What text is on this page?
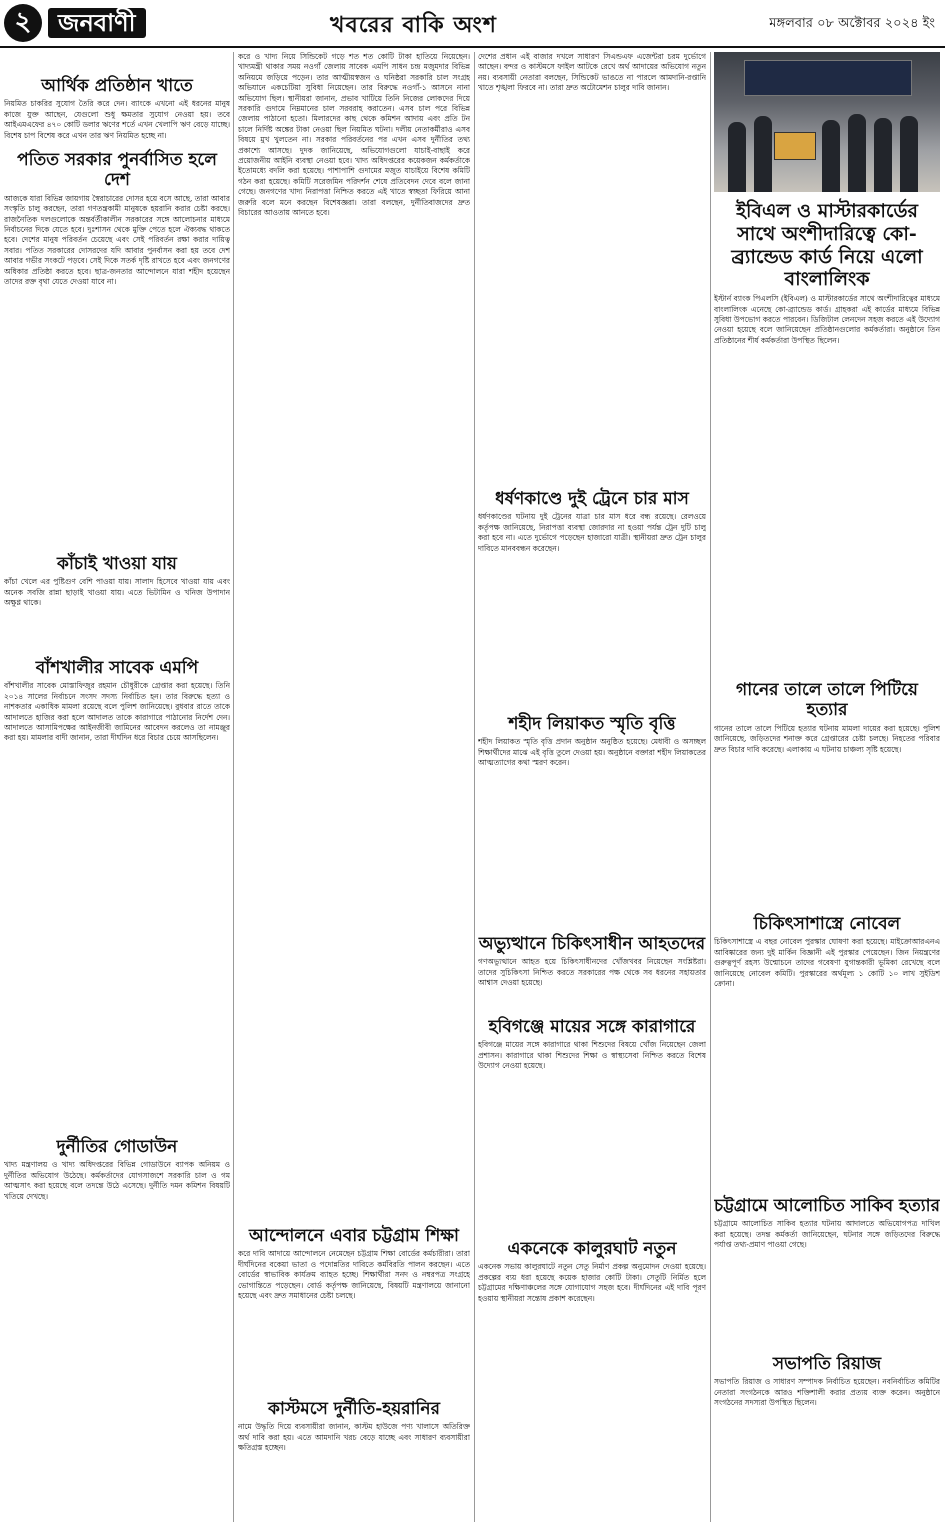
২	জনবাণী	খবরের বাকি অংশ	মঙ্গলবার ০৮ অক্টোবর ২০২৪ ইং
আর্থিক প্রতিষ্ঠান খাতে

নিয়মিত চাকরির সুযোগ তৈরি করে দেন। ব্যাংকে এখনো এই ধরনের মানুষ কাজে যুক্ত আছেন, যেগুলো শুধু ক্ষমতার সুযোগ নেওয়া হয়। তবে আইএমএফের ৪৭০ কোটি ডলার ঋণের শর্তে এখন খেলাপি ঋণ বেড়ে যাচ্ছে। বিশেষ চাপ বিশেষ করে এখন তার ঋণ নিয়মিত হচ্ছে না।

পতিত সরকার পুনর্বাসিত হলে দেশ

আজকে যারা বিভিন্ন জায়গায় স্বৈরাচারের দোসর হয়ে বসে আছে, তারা আবার সংস্কৃতি চালু করছেন, তারা গণতন্ত্রকামী মানুষকে হয়রানি করার চেষ্টা করছে। রাজনৈতিক দলগুলোকে অন্তর্বর্তীকালীন সরকারের সঙ্গে আলোচনার মাধ্যমে নির্বাচনের দিকে যেতে হবে। দুঃশাসন থেকে মুক্তি পেতে হলে ঐক্যবদ্ধ থাকতে হবে। দেশের মানুষ পরিবর্তন চেয়েছে এবং সেই পরিবর্তন রক্ষা করার দায়িত্ব সবার। পতিত সরকারের দোসরদের যদি আবার পুনর্বাসন করা হয় তবে দেশ আবার গভীর সংকটে পড়বে। সেই দিকে সতর্ক দৃষ্টি রাখতে হবে এবং জনগণের অধিকার প্রতিষ্ঠা করতে হবে। ছাত্র-জনতার আন্দোলনে যারা শহীদ হয়েছেন তাদের রক্ত বৃথা যেতে দেওয়া যাবে না।

কাঁচাই খাওয়া যায়

কাঁচা খেলে এর পুষ্টিগুণ বেশি পাওয়া যায়। সালাদ হিসেবে খাওয়া যায় এবং অনেক সবজি রান্না ছাড়াই খাওয়া যায়। এতে ভিটামিন ও খনিজ উপাদান অক্ষুণ্ণ থাকে।

বাঁশখালীর সাবেক এমপি

বাঁশখালীর সাবেক মোস্তাফিজুর রহমান চৌধুরীকে গ্রেপ্তার করা হয়েছে। তিনি ২০১৪ সালের নির্বাচনে সংসদ সদস্য নির্বাচিত হন। তার বিরুদ্ধে হত্যা ও নাশকতার একাধিক মামলা রয়েছে বলে পুলিশ জানিয়েছে। বুধবার রাতে তাকে আদালতে হাজির করা হলে আদালত তাকে কারাগারে পাঠানোর নির্দেশ দেন। আদালতে আসামিপক্ষের আইনজীবী জামিনের আবেদন করলেও তা নামঞ্জুর করা হয়। মামলার বাদী জানান, তারা দীর্ঘদিন ধরে বিচার চেয়ে আসছিলেন।

দুর্নীতির গোডাউন

খাদ্য মন্ত্রণালয় ও খাদ্য অধিদপ্তরের বিভিন্ন গোডাউনে ব্যাপক অনিয়ম ও দুর্নীতির অভিযোগ উঠেছে। কর্মকর্তাদের যোগসাজশে সরকারি চাল ও গম আত্মসাৎ করা হয়েছে বলে তদন্তে উঠে এসেছে। দুর্নীতি দমন কমিশন বিষয়টি খতিয়ে দেখছে।

করে ও খাদ্য নিয়ে সিন্ডিকেট গড়ে শত শত কোটি টাকা হাতিয়ে নিয়েছেন। খাদ্যমন্ত্রী থাকার সময় নওগাঁ জেলায় সাবেক এমপি সাধন চন্দ্র মজুমদার বিভিন্ন অনিয়মে জড়িয়ে পড়েন। তার আত্মীয়স্বজন ও ঘনিষ্ঠরা সরকারি চাল সংগ্রহ অভিযানে একচেটিয়া সুবিধা নিয়েছেন। তার বিরুদ্ধে নওগাঁ-১ আসনে নানা অভিযোগ ছিল। স্থানীয়রা জানান, প্রভাব খাটিয়ে তিনি নিজের লোকদের দিয়ে সরকারি গুদামে নিম্নমানের চাল সরবরাহ করাতেন। এসব চাল পরে বিভিন্ন জেলায় পাঠানো হতো। মিলারদের কাছ থেকে কমিশন আদায় এবং প্রতি টন চালে নির্দিষ্ট অঙ্কের টাকা নেওয়া ছিল নিয়মিত ঘটনা। দলীয় নেতাকর্মীরাও এসব বিষয়ে মুখ খুলতেন না। সরকার পরিবর্তনের পর এখন এসব দুর্নীতির তথ্য প্রকাশ্যে আসছে। দুদক জানিয়েছে, অভিযোগগুলো যাচাই-বাছাই করে প্রয়োজনীয় আইনি ব্যবস্থা নেওয়া হবে। খাদ্য অধিদপ্তরের কয়েকজন কর্মকর্তাকে ইতোমধ্যে বদলি করা হয়েছে। পাশাপাশি গুদামের মজুত যাচাইয়ে বিশেষ কমিটি গঠন করা হয়েছে। কমিটি সরেজমিন পরিদর্শন শেষে প্রতিবেদন দেবে বলে জানা গেছে। জনগণের খাদ্য নিরাপত্তা নিশ্চিত করতে এই খাতে স্বচ্ছতা ফিরিয়ে আনা জরুরি বলে মনে করছেন বিশেষজ্ঞরা। তারা বলছেন, দুর্নীতিবাজদের দ্রুত বিচারের আওতায় আনতে হবে।

আন্দোলনে এবার চট্টগ্রাম শিক্ষা

করে দাবি আদায়ে আন্দোলনে নেমেছেন চট্টগ্রাম শিক্ষা বোর্ডের কর্মচারীরা। তারা দীর্ঘদিনের বকেয়া ভাতা ও পদোন্নতির দাবিতে কর্মবিরতি পালন করছেন। এতে বোর্ডের স্বাভাবিক কার্যক্রম ব্যাহত হচ্ছে। শিক্ষার্থীরা সনদ ও নম্বরপত্র সংগ্রহে ভোগান্তিতে পড়েছেন। বোর্ড কর্তৃপক্ষ জানিয়েছে, বিষয়টি মন্ত্রণালয়ে জানানো হয়েছে এবং দ্রুত সমাধানের চেষ্টা চলছে।

কাস্টমসে দুর্নীতি-হয়রানির

নামে উদ্ধৃতি দিয়ে ব্যবসায়ীরা জানান, কাস্টম হাউজে পণ্য খালাসে অতিরিক্ত অর্থ দাবি করা হয়। এতে আমদানি খরচ বেড়ে যাচ্ছে এবং সাধারণ ব্যবসায়ীরা ক্ষতিগ্রস্ত হচ্ছেন।

দেশের প্রধান এই বাজার দখলে সাধারণ সিএন্ডএফ এজেন্টরা চরম দুর্ভোগে আছেন। বন্দর ও কাস্টমসে ফাইল আটকে রেখে অর্থ আদায়ের অভিযোগ নতুন নয়। ব্যবসায়ী নেতারা বলছেন, সিন্ডিকেট ভাঙতে না পারলে আমদানি-রপ্তানি খাতে শৃঙ্খলা ফিরবে না। তারা দ্রুত অটোমেশন চালুর দাবি জানান।

ধর্ষণকাণ্ডে দুই ট্রেনে চার মাস

ধর্ষণকাণ্ডের ঘটনায় দুই ট্রেনের যাত্রা চার মাস ধরে বন্ধ রয়েছে। রেলওয়ে কর্তৃপক্ষ জানিয়েছে, নিরাপত্তা ব্যবস্থা জোরদার না হওয়া পর্যন্ত ট্রেন দুটি চালু করা হবে না। এতে দুর্ভোগে পড়েছেন হাজারো যাত্রী। স্থানীয়রা দ্রুত ট্রেন চালুর দাবিতে মানববন্ধন করেছেন।

শহীদ লিয়াকত স্মৃতি বৃত্তি

শহীদ লিয়াকত স্মৃতি বৃত্তি প্রদান অনুষ্ঠান অনুষ্ঠিত হয়েছে। মেধাবী ও অসচ্ছল শিক্ষার্থীদের মাঝে এই বৃত্তি তুলে দেওয়া হয়। অনুষ্ঠানে বক্তারা শহীদ লিয়াকতের আত্মত্যাগের কথা স্মরণ করেন।

অভ্যুত্থানে চিকিৎসাধীন আহতদের

গণঅভ্যুত্থানে আহত হয়ে চিকিৎসাধীনদের খোঁজখবর নিয়েছেন সংশ্লিষ্টরা। তাদের সুচিকিৎসা নিশ্চিত করতে সরকারের পক্ষ থেকে সব ধরনের সহায়তার আশ্বাস দেওয়া হয়েছে।

হবিগঞ্জে মায়ের সঙ্গে কারাগারে

হবিগঞ্জে মায়ের সঙ্গে কারাগারে থাকা শিশুদের বিষয়ে খোঁজ নিয়েছেন জেলা প্রশাসন। কারাগারে থাকা শিশুদের শিক্ষা ও স্বাস্থ্যসেবা নিশ্চিত করতে বিশেষ উদ্যোগ নেওয়া হয়েছে।

একনেকে কালুরঘাট নতুন

একনেক সভায় কালুরঘাটে নতুন সেতু নির্মাণ প্রকল্প অনুমোদন দেওয়া হয়েছে। প্রকল্পের ব্যয় ধরা হয়েছে কয়েক হাজার কোটি টাকা। সেতুটি নির্মিত হলে চট্টগ্রামের দক্ষিণাঞ্চলের সঙ্গে যোগাযোগ সহজ হবে। দীর্ঘদিনের এই দাবি পূরণ হওয়ায় স্থানীয়রা সন্তোষ প্রকাশ করেছেন।

ইবিএল ও মাস্টারকার্ডের সাথে অংশীদারিত্বে কো-ব্র্যান্ডেড কার্ড নিয়ে এলো বাংলালিংক

ইস্টার্ন ব্যাংক পিএলসি (ইবিএল) ও মাস্টারকার্ডের সাথে অংশীদারিত্বের মাধ্যমে বাংলালিংক এনেছে কো-ব্র্যান্ডেড কার্ড। গ্রাহকরা এই কার্ডের মাধ্যমে বিভিন্ন সুবিধা উপভোগ করতে পারবেন। ডিজিটাল লেনদেন সহজ করতে এই উদ্যোগ নেওয়া হয়েছে বলে জানিয়েছেন প্রতিষ্ঠানগুলোর কর্মকর্তারা। অনুষ্ঠানে তিন প্রতিষ্ঠানের শীর্ষ কর্মকর্তারা উপস্থিত ছিলেন।

গানের তালে তালে পিটিয়ে হত্যার

গানের তালে তালে পিটিয়ে হত্যার ঘটনায় মামলা দায়ের করা হয়েছে। পুলিশ জানিয়েছে, জড়িতদের শনাক্ত করে গ্রেপ্তারের চেষ্টা চলছে। নিহতের পরিবার দ্রুত বিচার দাবি করেছে। এলাকায় এ ঘটনায় চাঞ্চল্য সৃষ্টি হয়েছে।

চিকিৎসাশাস্ত্রে নোবেল

চিকিৎসাশাস্ত্রে এ বছর নোবেল পুরস্কার ঘোষণা করা হয়েছে। মাইক্রোআরএনএ আবিষ্কারের জন্য দুই মার্কিন বিজ্ঞানী এই পুরস্কার পেয়েছেন। জিন নিয়ন্ত্রণের গুরুত্বপূর্ণ রহস্য উন্মোচনে তাদের গবেষণা যুগান্তকারী ভূমিকা রেখেছে বলে জানিয়েছে নোবেল কমিটি। পুরস্কারের অর্থমূল্য ১ কোটি ১০ লাখ সুইডিশ ক্রোনা।

চট্টগ্রামে আলোচিত সাকিব হত্যার

চট্টগ্রামে আলোচিত সাকিব হত্যার ঘটনায় আদালতে অভিযোগপত্র দাখিল করা হয়েছে। তদন্ত কর্মকর্তা জানিয়েছেন, ঘটনার সঙ্গে জড়িতদের বিরুদ্ধে পর্যাপ্ত তথ্য-প্রমাণ পাওয়া গেছে।

সভাপতি রিয়াজ

সভাপতি রিয়াজ ও সাধারণ সম্পাদক নির্বাচিত হয়েছেন। নবনির্বাচিত কমিটির নেতারা সংগঠনকে আরও শক্তিশালী করার প্রত্যয় ব্যক্ত করেন। অনুষ্ঠানে সংগঠনের সদস্যরা উপস্থিত ছিলেন।
